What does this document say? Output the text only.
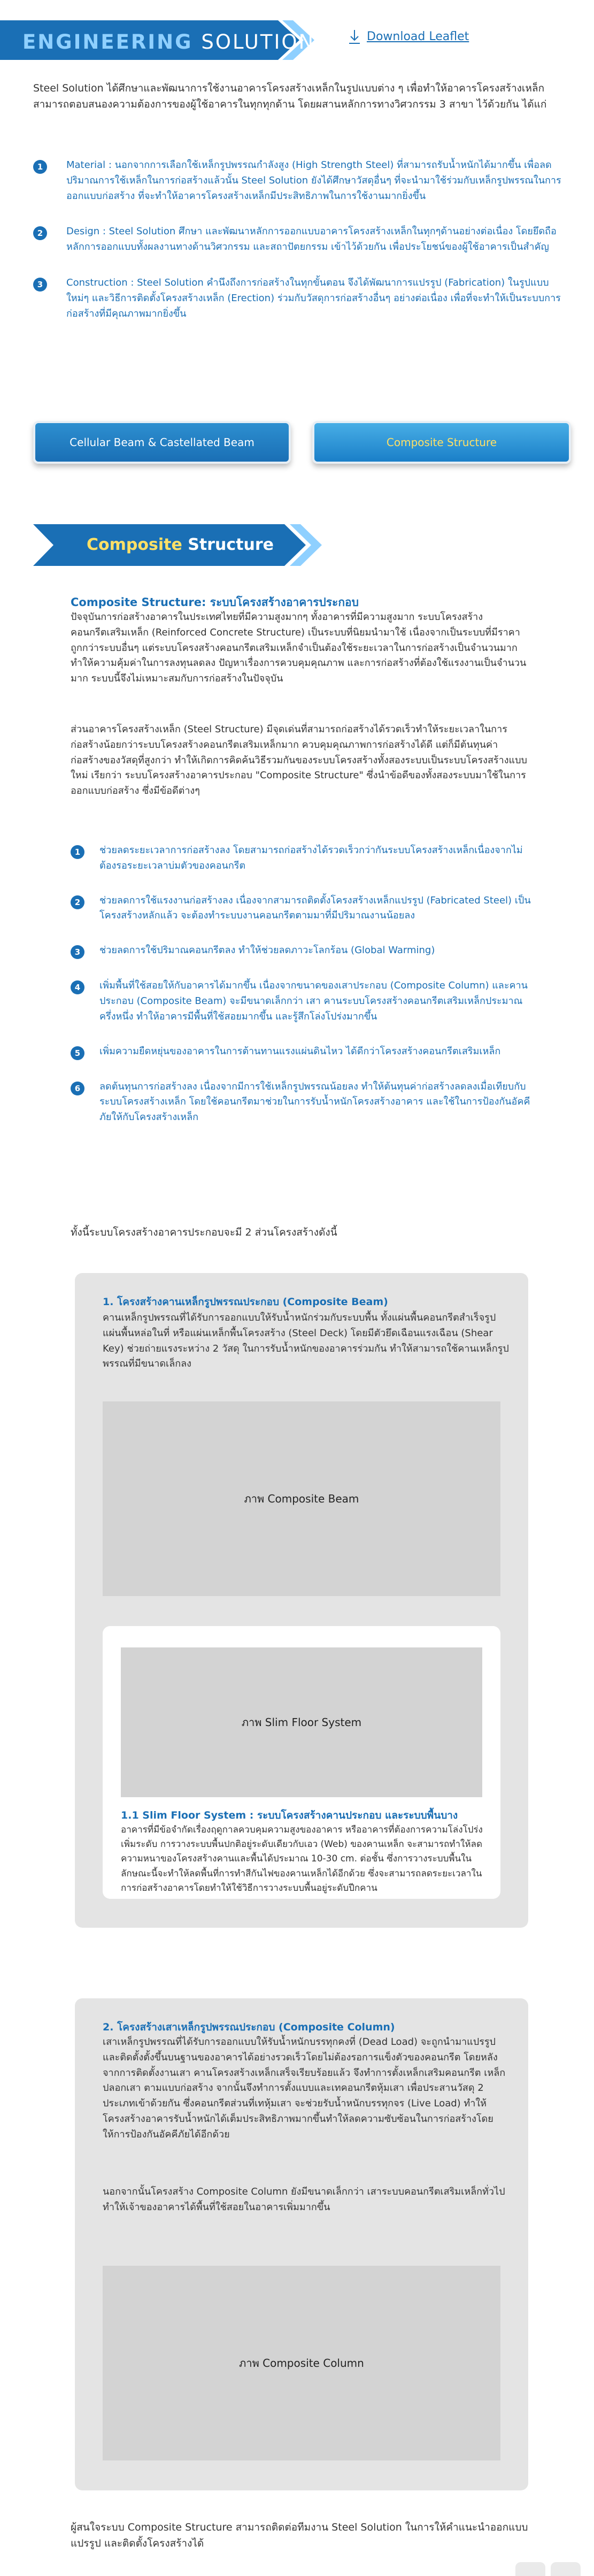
ENGINEERING SOLUTION	Download Leaflet

Steel Solution ได้ศึกษาและพัฒนาการใช้งานอาคารโครงสร้างเหล็กในรูปแบบต่าง ๆ เพื่อทำให้อาคารโครงสร้างเหล็ก สามารถตอบสนองความต้องการของผู้ใช้อาคารในทุกทุกด้าน โดยผสานหลักการทางวิศวกรรม 3 สาขา ไว้ด้วยกัน ได้แก่

1	Material : นอกจากการเลือกใช้เหล็กรูปพรรณกำลังสูง (High Strength Steel) ที่สามารถรับน้ำหนักได้มากขึ้น เพื่อลดปริมาณการใช้เหล็กในการก่อสร้างแล้วนั้น Steel Solution ยังได้ศึกษาวัสดุอื่นๆ ที่จะนำมาใช้ร่วมกับเหล็กรูปพรรณในการออกแบบก่อสร้าง ที่จะทำให้อาคารโครงสร้างเหล็กมีประสิทธิภาพในการใช้งานมากยิ่งขึ้น
2	Design : Steel Solution ศึกษา และพัฒนาหลักการออกแบบอาคารโครงสร้างเหล็กในทุกๆด้านอย่างต่อเนื่อง โดยยึดถือหลักการออกแบบทั้งผลงานทางด้านวิศวกรรม และสถาปัตยกรรม เข้าไว้ด้วยกัน เพื่อประโยชน์ของผู้ใช้อาคารเป็นสำคัญ
3	Construction : Steel Solution คำนึงถึงการก่อสร้างในทุกขั้นตอน จึงได้พัฒนาการแปรรูป (Fabrication) ในรูปแบบใหม่ๆ และวิธีการติดตั้งโครงสร้างเหล็ก (Erection) ร่วมกับวัสดุการก่อสร้างอื่นๆ อย่างต่อเนื่อง เพื่อที่จะทำให้เป็นระบบการก่อสร้างที่มีคุณภาพมากยิ่งขึ้น
Cellular Beam & Castellated Beam	Composite Structure
Composite Structure
Composite Structure: ระบบโครงสร้างอาคารประกอบ

ปัจจุบันการก่อสร้างอาคารในประเทศไทยที่มีความสูงมากๆ ทั้งอาคารที่มีความสูงมาก ระบบโครงสร้างคอนกรีตเสริมเหล็ก (Reinforced Concrete Structure) เป็นระบบที่นิยมนำมาใช้ เนื่องจากเป็นระบบที่มีราคาถูกกว่าระบบอื่นๆ แต่ระบบโครงสร้างคอนกรีตเสริมเหล็กจำเป็นต้องใช้ระยะเวลาในการก่อสร้างเป็นจำนวนมาก ทำให้ความคุ้มค่าในการลงทุนลดลง ปัญหาเรื่องการควบคุมคุณภาพ และการก่อสร้างที่ต้องใช้แรงงานเป็นจำนวนมาก ระบบนี้จึงไม่เหมาะสมกับการก่อสร้างในปัจจุบัน

ส่วนอาคารโครงสร้างเหล็ก (Steel Structure) มีจุดเด่นที่สามารถก่อสร้างได้รวดเร็วทำให้ระยะเวลาในการก่อสร้างน้อยกว่าระบบโครงสร้างคอนกรีตเสริมเหล็กมาก ควบคุมคุณภาพการก่อสร้างได้ดี แต่ก็มีต้นทุนค่าก่อสร้างของวัสดุที่สูงกว่า ทำให้เกิดการคิดค้นวิธีรวมกันของระบบโครงสร้างทั้งสองระบบเป็นระบบโครงสร้างแบบใหม่ เรียกว่า ระบบโครงสร้างอาคารประกอบ "Composite Structure" ซึ่งนำข้อดีของทั้งสองระบบมาใช้ในการออกแบบก่อสร้าง ซึ่งมีข้อดีต่างๆ

1	ช่วยลดระยะเวลาการก่อสร้างลง โดยสามารถก่อสร้างได้รวดเร็วกว่ากันระบบโครงสร้างเหล็กเนื่องจากไม่ต้องรอระยะเวลาบ่มตัวของคอนกรีต
2	ช่วยลดการใช้แรงงานก่อสร้างลง เนื่องจากสามารถติดตั้งโครงสร้างเหล็กแปรรูป (Fabricated Steel) เป็นโครงสร้างหลักแล้ว จะต้องทำระบบงานคอนกรีตตามมาที่มีปริมาณงานน้อยลง
3	ช่วยลดการใช้ปริมาณคอนกรีตลง ทำให้ช่วยลดภาวะโลกร้อน (Global Warming)
4	เพิ่มพื้นที่ใช้สอยให้กับอาคารได้มากขึ้น เนื่องจากขนาดของเสาประกอบ (Composite Column) และคานประกอบ (Composite Beam) จะมีขนาดเล็กกว่า เสา คานระบบโครงสร้างคอนกรีตเสริมเหล็กประมาณครึ่งหนึ่ง ทำให้อาคารมีพื้นที่ใช้สอยมากขึ้น และรู้สึกโล่งโปร่งมากขึ้น
5	เพิ่มความยืดหยุ่นของอาคารในการต้านทานแรงแผ่นดินไหว ได้ดีกว่าโครงสร้างคอนกรีตเสริมเหล็ก
6	ลดต้นทุนการก่อสร้างลง เนื่องจากมีการใช้เหล็กรูปพรรณน้อยลง ทำให้ต้นทุนค่าก่อสร้างลดลงเมื่อเทียบกับระบบโครงสร้างเหล็ก โดยใช้คอนกรีตมาช่วยในการรับน้ำหนักโครงสร้างอาคาร และใช้ในการป้องกันอัคคีภัยให้กับโครงสร้างเหล็ก
ทั้งนี้ระบบโครงสร้างอาคารประกอบจะมี 2 ส่วนโครงสร้างดังนี้
1. โครงสร้างคานเหล็กรูปพรรณประกอบ (Composite Beam)
คานเหล็กรูปพรรณที่ได้รับการออกแบบให้รับน้ำหนักร่วมกับระบบพื้น ทั้งแผ่นพื้นคอนกรีตสำเร็จรูป แผ่นพื้นหล่อในที่ หรือแผ่นเหล็กพื้นโครงสร้าง (Steel Deck) โดยมีตัวยึดเฉือนแรงเฉือน (Shear Key) ช่วยถ่ายแรงระหว่าง 2 วัสดุ ในการรับน้ำหนักของอาคารร่วมกัน ทำให้สามารถใช้คานเหล็กรูปพรรณที่มีขนาดเล็กลง
ภาพ Composite Beam
ภาพ Slim Floor System
1.1 Slim Floor System : ระบบโครงสร้างคานประกอบ และระบบพื้นบาง
อาคารที่มีข้อจำกัดเรื่องฤดูกาลควบคุมความสูงของอาคาร หรืออาคารที่ต้องการความโล่งโปร่งเพิ่มระดับ การวางระบบพื้นปกติอยู่ระดับเดียวกับเอว (Web) ของคานเหล็ก จะสามารถทำให้ลดความหนาของโครงสร้างคานและพื้นได้ประมาณ 10-30 cm. ต่อชั้น ซึ่งการวางระบบพื้นในลักษณะนี้จะทำให้ลดพื้นที่การทำสีกันไฟของคานเหล็กได้อีกด้วย ซึ่งจะสามารถลดระยะเวลาในการก่อสร้างอาคารโดยทำให้ใช้วิธีการวางระบบพื้นอยู่ระดับปีกคาน
2. โครงสร้างเสาเหล็กรูปพรรณประกอบ (Composite Column)
เสาเหล็กรูปพรรณที่ได้รับการออกแบบให้รับน้ำหนักบรรทุกคงที่ (Dead Load) จะถูกนำมาแปรรูปและติดตั้งตั้งขึ้นบนฐานของอาคารได้อย่างรวดเร็วโดยไม่ต้องรอการแข็งตัวของคอนกรีต โดยหลังจากการติดตั้งงานเสา คานโครงสร้างเหล็กเสร็จเรียบร้อยแล้ว จึงทำการตั้งเหล็กเสริมคอนกรีต เหล็กปลอกเสา ตามแบบก่อสร้าง จากนั้นจึงทำการตั้งแบบและเทคอนกรีตหุ้มเสา เพื่อประสานวัสดุ 2 ประเภทเข้าด้วยกัน ซึ่งคอนกรีตส่วนที่เทหุ้มเสา จะช่วยรับน้ำหนักบรรทุกจร (Live Load) ทำให้โครงสร้างอาคารรับน้ำหนักได้เต็มประสิทธิภาพมากขึ้นทำให้ลดความซับซ้อนในการก่อสร้างโดยให้การป้องกันอัคคีภัยได้อีกด้วย
นอกจากนั้นโครงสร้าง Composite Column ยังมีขนาดเล็กกว่า เสาระบบคอนกรีตเสริมเหล็กทั่วไป ทำให้เจ้าของอาคารได้พื้นที่ใช้สอยในอาคารเพิ่มมากขึ้น
ภาพ Composite Column

ผู้สนใจระบบ Composite Structure สามารถติดต่อทีมงาน Steel Solution ในการให้คำแนะนำออกแบบ แปรรูป และติดตั้งโครงสร้างได้
